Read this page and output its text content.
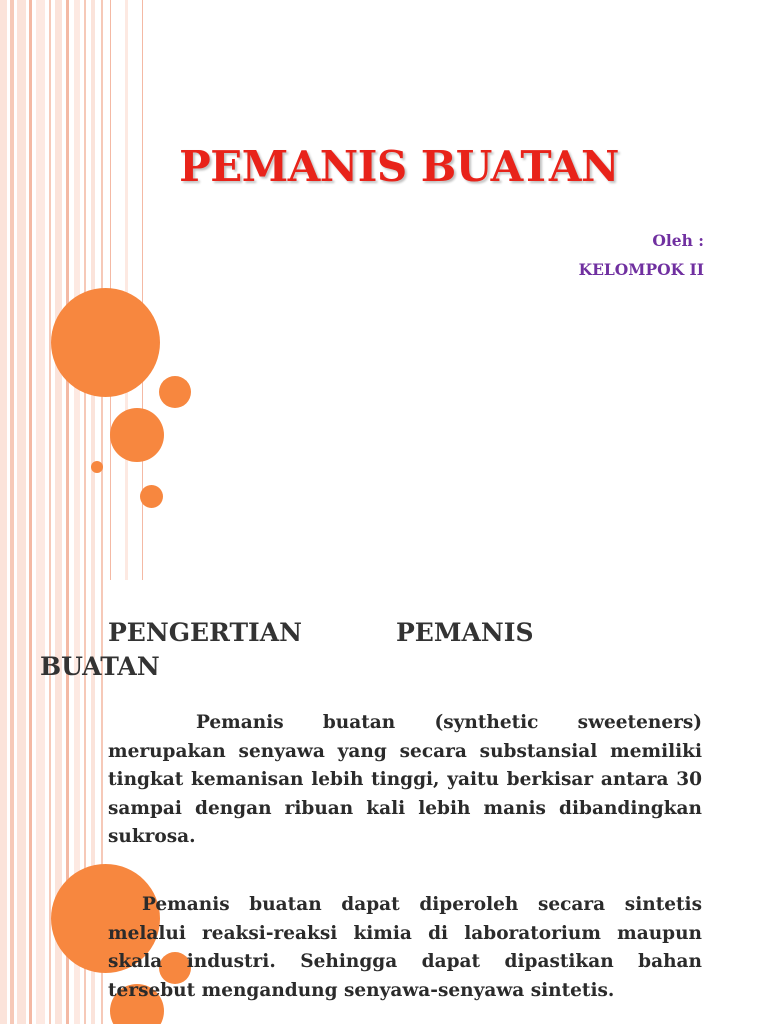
PEMANIS BUATAN
Oleh :
KELOMPOK II
PENGERTIAN	PEMANIS
BUATAN

Pemanis buatan (synthetic sweeteners) merupakan senyawa yang secara substansial memiliki tingkat kemanisan lebih tinggi, yaitu berkisar antara 30 sampai dengan ribuan kali lebih manis dibandingkan sukrosa.

Pemanis buatan dapat diperoleh secara sintetis melalui reaksi-reaksi kimia di laboratorium maupun skala industri. Sehingga dapat dipastikan bahan tersebut mengandung senyawa-senyawa sintetis.
